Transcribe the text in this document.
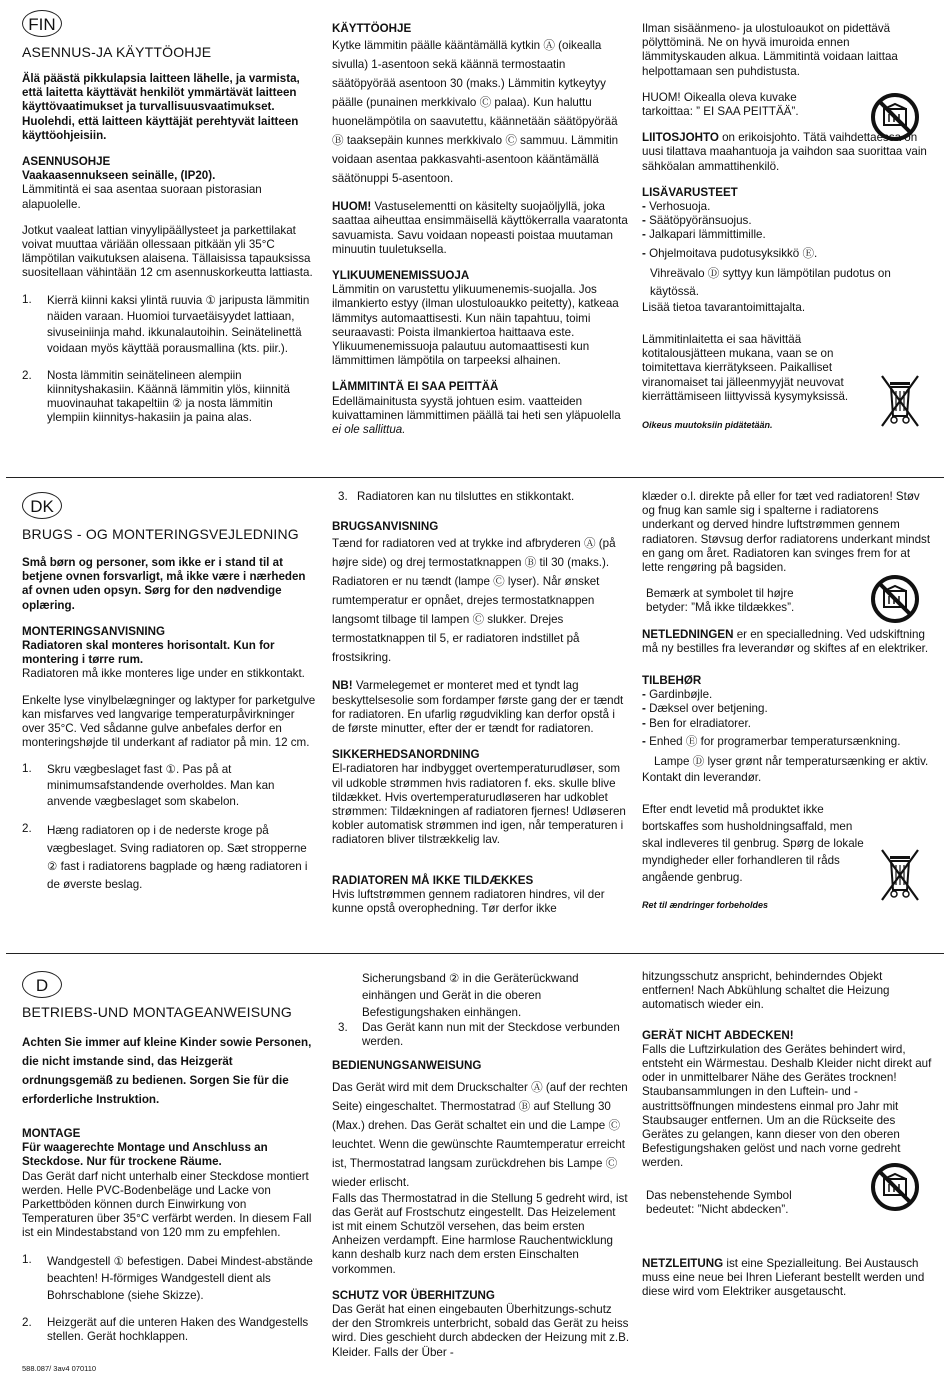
FIN
ASENNUS-JA KÄYTTÖOHJE

Älä päästä pikkulapsia laitteen lähelle, ja varmista, että laitetta käyttävät henkilöt ymmärtävät laitteen käyttövaatimukset ja turvallisuusvaatimukset. Huolehdi, että laitteen käyttäjät perehtyvät laitteen käyttöohjeisiin.

ASENNUSOHJE

Vaakaasennukseen seinälle, (IP20).

Lämmitintä ei saa asentaa suoraan pistorasian alapuolelle.

Jotkut vaaleat lattian vinyylipäällysteet ja parkettilakat voivat muuttaa väriään ollessaan pitkään yli 35°C lämpötilan vaikutuksen alaisena. Tällaisissa tapauksissa suositellaan vähintään 12 cm asennuskorkeutta lattiasta.

1. Kierrä kiinni kaksi ylintä ruuvia ① jaripusta lämmitin näiden varaan. Huomioi turvaetäisyydet lattiaan, sivuseiniinja mahd. ikkunalautoihin. Seinätelinettä voidaan myös käyttää porausmallina (kts. piir.).
2. Nosta lämmitin seinätelineen alempiin kiinnityshakasiin. Käännä lämmitin ylös, kiinnitä muovinauhat takapeltiin ② ja nosta lämmitin ylempiin kiinnitys-hakasiin ja paina alas.

KÄYTTÖOHJE

Kytke lämmitin päälle kääntämällä kytkin Ⓐ (oikealla sivulla) 1-asentoon sekä käännä termostaatin säätöpyörää asentoon 30 (maks.) Lämmitin kytkeytyy päälle (punainen merkkivalo Ⓒ palaa). Kun haluttu huonelämpötila on saavutettu, käännetään säätöpyörää Ⓑ taaksepäin kunnes merkkivalo Ⓒ sammuu. Lämmitin voidaan asentaa pakkasvahti-asentoon kääntämällä säätönuppi 5-asentoon.

HUOM! Vastuselementti on käsitelty suojaöljyllä, joka saattaa aiheuttaa ensimmäisellä käyttökerralla vaaratonta savuamista. Savu voidaan nopeasti poistaa muutaman minuutin tuuletuksella.

YLIKUUMENEMISSUOJA

Lämmitin on varustettu ylikuumenemis-suojalla. Jos ilmankierto estyy (ilman ulostuloaukko peitetty), katkeaa lämmitys automaattisesti. Kun näin tapahtuu, toimi seuraavasti: Poista ilmankiertoa haittaava este. Ylikuumenemissuoja palautuu automaattisesti kun lämmittimen lämpötila on tarpeeksi alhainen.

LÄMMITINTÄ EI SAA PEITTÄÄ

Edellämainitusta syystä johtuen esim. vaatteiden kuivattaminen lämmittimen päällä tai heti sen yläpuolella ei ole sallittua.

Ilman sisäänmeno- ja ulostuloaukot on pidettävä pölyttöminä. Ne on hyvä imuroida ennen lämmityskauden alkua. Lämmitintä voidaan laittaa helpottamaan sen puhdistusta.

HUOM! Oikealla oleva kuvake tarkoittaa: ” EI SAA PEITTÄÄ”.

LIITOSJOHTO on erikoisjohto. Tätä vaihdettaessa on uusi tilattava maahantuoja ja vaihdon saa suorittaa vain sähköalan ammattihenkilö.

LISÄVARUSTEET

- Verhosuoja.

- Säätöpyöränsuojus.

- Jalkapari lämmittimille.

- Ohjelmoitava pudotusyksikkö Ⓔ.

Vihreävalo Ⓓ syttyy kun lämpötilan pudotus on käytössä.

Lisää tietoa tavarantoimittajalta.

Lämmitinlaitetta ei saa hävittää kotitalousjätteen mukana, vaan se on toimitettava kierrätykseen. Paikalliset viranomaiset tai jälleenmyyjät neuvovat kierrättämiseen liittyvissä kysymyksissä.

Oikeus muutoksiin pidätetään.

DK
BRUGS - OG MONTERINGSVEJLEDNING

Små børn og personer, som ikke er i stand til at betjene ovnen forsvarligt, må ikke være i nærheden af ovnen uden opsyn. Sørg for den nødvendige oplæring.

MONTERINGSANVISNING

Radiatoren skal monteres horisontalt. Kun for montering i tørre rum.

Radiatoren må ikke monteres lige under en stikkontakt.

Enkelte lyse vinylbelægninger og laktyper for parketgulve kan misfarves ved langvarige temperaturpåvirkninger over 35°C. Ved sådanne gulve anbefales derfor en monteringshøjde til underkant af radiator på min. 12 cm.

1. Skru vægbeslaget fast ①. Pas på at minimumsafstandende overholdes. Man kan anvende vægbeslaget som skabelon.
2. Hæng radiatoren op i de nederste kroge på vægbeslaget. Sving radiatoren op. Sæt stropperne ② fast i radiatorens bagplade og hæng radiatoren i de øverste beslag.

3. Radiatoren kan nu tilsluttes en stikkontakt.

BRUGSANVISNING

Tænd for radiatoren ved at trykke ind afbryderen Ⓐ (på højre side) og drej termostatknappen Ⓑ til 30 (maks.). Radiatoren er nu tændt (lampe Ⓒ lyser). Når ønsket rumtemperatur er opnået, drejes termostatknappen langsomt tilbage til lampen Ⓒ slukker. Drejes termostatknappen til 5, er radiatoren indstillet på frostsikring.

NB! Varmelegemet er monteret med et tyndt lag beskyttelsesolie som fordamper første gang der er tændt for radiatoren. En ufarlig røgudvikling kan derfor opstå i de første minutter, efter der er tændt for radiatoren.

SIKKERHEDSANORDNING

El-radiatoren har indbygget overtemperaturudløser, som vil udkoble strømmen hvis radiatoren f. eks. skulle blive tildækket. Hvis overtemperaturudløseren har udkoblet strømmen: Tildækningen af radiatoren fjernes! Udløseren kobler automatisk strømmen ind igen, når temperaturen i radiatoren bliver tilstrækkelig lav.

RADIATOREN MÅ IKKE TILDÆKKES

Hvis luftstrømmen gennem radiatoren hindres, vil der kunne opstå overophedning. Tør derfor ikke

klæder o.l. direkte på eller for tæt ved radiatoren! Støv og fnug kan samle sig i spalterne i radiatorens underkant og derved hindre luftstrømmen gennem radiatoren. Støvsug derfor radiatorens underkant mindst en gang om året. Radiatoren kan svinges frem for at lette rengøring på bagsiden.

Bemærk at symbolet til højre betyder: ”Må ikke tildækkes”.

NETLEDNINGEN er en specialledning. Ved udskiftning må ny bestilles fra leverandør og skiftes af en elektriker.

TILBEHØR

- Gardinbøjle.

- Dæksel over betjening.

- Ben for elradiatorer.

- Enhed Ⓔ for programerbar temperatursænkning.

Lampe Ⓓ lyser grønt når temperatursænking er aktiv.

Kontakt din leverandør.

Efter endt levetid må produktet ikke bortskaffes som husholdningsaffald, men skal indleveres til genbrug. Spørg de lokale myndigheder eller forhandleren til råds angående genbrug.

Ret til ændringer forbeholdes

D
BETRIEBS-UND MONTAGEANWEISUNG

Achten Sie immer auf kleine Kinder sowie Personen, die nicht imstande sind, das Heizgerät ordnungsgemäß zu bedienen. Sorgen Sie für die erforderliche Instruktion.

MONTAGE

Für waagerechte Montage und Anschluss an Steckdose. Nur für trockene Räume.

Das Gerät darf nicht unterhalb einer Steckdose montiert werden. Helle PVC-Bodenbeläge und Lacke von Parkettböden können durch Einwirkung von Temperaturen über 35°C verfärbt werden. In diesem Fall ist ein Mindestabstand von 120 mm zu empfehlen.

1. Wandgestell ① befestigen. Dabei Mindest-abstände beachten! H-förmiges Wandgestell dient als Bohrschablone (siehe Skizze).
2. Heizgerät auf die unteren Haken des Wandgestells stellen. Gerät hochklappen.

Sicherungsband ② in die Geräterückwand einhängen und Gerät in die oberen Befestigungshaken einhängen.

3. Das Gerät kann nun mit der Steckdose verbunden werden.

BEDIENUNGSANWEISUNG

Das Gerät wird mit dem Druckschalter Ⓐ (auf der rechten Seite) eingeschaltet. Thermostatrad Ⓑ auf Stellung 30 (Max.) drehen. Das Gerät schaltet ein und die Lampe Ⓒ leuchtet. Wenn die gewünschte Raumtemperatur erreicht ist, Thermostatrad langsam zurückdrehen bis Lampe Ⓒ wieder erlischt.

Falls das Thermostatrad in die Stellung 5 gedreht wird, ist das Gerät auf Frostschutz eingestellt. Das Heizelement ist mit einem Schutzöl versehen, das beim ersten Anheizen verdampft. Eine harmlose Rauchentwicklung kann deshalb kurz nach dem ersten Einschalten vorkommen.

SCHUTZ VOR ÜBERHITZUNG

Das Gerät hat einen eingebauten Überhitzungs-schutz der den Stromkreis unterbricht, sobald das Gerät zu heiss wird. Dies geschieht durch abdecken der Heizung mit z.B. Kleider. Falls der Über -

hitzungsschutz anspricht, behinderndes Objekt entfernen! Nach Abkühlung schaltet die Heizung automatisch wieder ein.

GERÄT NICHT ABDECKEN!

Falls die Luftzirkulation des Gerätes behindert wird, entsteht ein Wärmestau. Deshalb Kleider nicht direkt auf oder in unmittelbarer Nähe des Gerätes trocknen! Staubansammlungen in den Luftein- und -austrittsöffnungen mindestens einmal pro Jahr mit Staubsauger entfernen. Um an die Rückseite des Gerätes zu gelangen, kann dieser von den oberen Befestigungshaken gelöst und nach vorne gedreht werden.

Das nebenstehende Symbol bedeutet: ”Nicht abdecken”.

NETZLEITUNG ist eine Spezialleitung. Bei Austausch muss eine neue bei Ihren Lieferant bestellt werden und diese wird vom Elektriker ausgetauscht.

588.087/ 3av4 070110
